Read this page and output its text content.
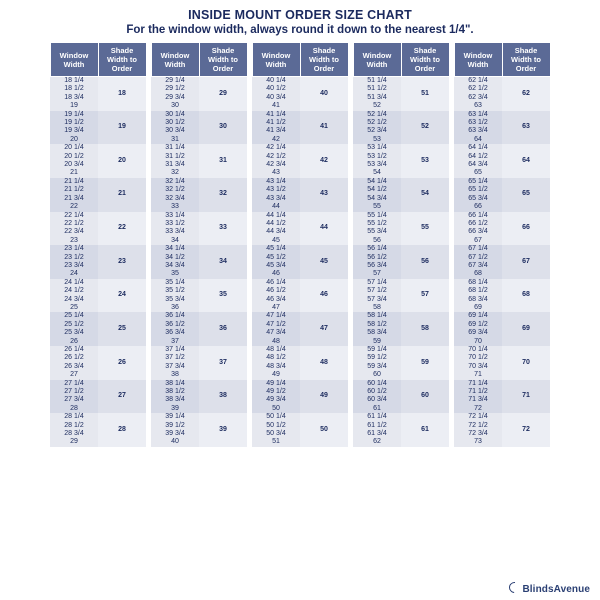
INSIDE MOUNT ORDER SIZE CHART
For the window width, always round it down to the nearest 1/4".
Window Width	Shade Width to Order
18 1/4	18
18 1/2	
18 3/4	
19	
19 1/4	19
19 1/2	
19 3/4	
20	
20 1/4	20
20 1/2	
20 3/4	
21	
21 1/4	21
21 1/2	
21 3/4	
22	
22 1/4	22
22 1/2	
22 3/4	
23	
23 1/4	23
23 1/2	
23 3/4	
24	
24 1/4	24
24 1/2	
24 3/4	
25	
25 1/4	25
25 1/2	
25 3/4	
26	
26 1/4	26
26 1/2	
26 3/4	
27	
27 1/4	27
27 1/2	
27 3/4	
28	
28 1/4	28
28 1/2	
28 3/4	
29	
Window Width	Shade Width to Order
29 1/4	29
29 1/2	
29 3/4	
30	
30 1/4	30
30 1/2	
30 3/4	
31	
31 1/4	31
31 1/2	
31 3/4	
32	
32 1/4	32
32 1/2	
32 3/4	
33	
33 1/4	33
33 1/2	
33 3/4	
34	
34 1/4	34
34 1/2	
34 3/4	
35	
35 1/4	35
35 1/2	
35 3/4	
36	
36 1/4	36
36 1/2	
36 3/4	
37	
37 1/4	37
37 1/2	
37 3/4	
38	
38 1/4	38
38 1/2	
38 3/4	
39	
39 1/4	39
39 1/2	
39 3/4	
40	
Window Width	Shade Width to Order
40 1/4	40
40 1/2	
40 3/4	
41	
41 1/4	41
41 1/2	
41 3/4	
42	
42 1/4	42
42 1/2	
42 3/4	
43	
43 1/4	43
43 1/2	
43 3/4	
44	
44 1/4	44
44 1/2	
44 3/4	
45	
45 1/4	45
45 1/2	
45 3/4	
46	
46 1/4	46
46 1/2	
46 3/4	
47	
47 1/4	47
47 1/2	
47 3/4	
48	
48 1/4	48
48 1/2	
48 3/4	
49	
49 1/4	49
49 1/2	
49 3/4	
50	
50 1/4	50
50 1/2	
50 3/4	
51	
Window Width	Shade Width to Order
51 1/4	51
51 1/2	
51 3/4	
52	
52 1/4	52
52 1/2	
52 3/4	
53	
53 1/4	53
53 1/2	
53 3/4	
54	
54 1/4	54
54 1/2	
54 3/4	
55	
55 1/4	55
55 1/2	
55 3/4	
56	
56 1/4	56
56 1/2	
56 3/4	
57	
57 1/4	57
57 1/2	
57 3/4	
58	
58 1/4	58
58 1/2	
58 3/4	
59	
59 1/4	59
59 1/2	
59 3/4	
60	
60 1/4	60
60 1/2	
60 3/4	
61	
61 1/4	61
61 1/2	
61 3/4	
62	
Window Width	Shade Width to Order
62 1/4	62
62 1/2	
62 3/4	
63	
63 1/4	63
63 1/2	
63 3/4	
64	
64 1/4	64
64 1/2	
64 3/4	
65	
65 1/4	65
65 1/2	
65 3/4	
66	
66 1/4	66
66 1/2	
66 3/4	
67	
67 1/4	67
67 1/2	
67 3/4	
68	
68 1/4	68
68 1/2	
68 3/4	
69	
69 1/4	69
69 1/2	
69 3/4	
70	
70 1/4	70
70 1/2	
70 3/4	
71	
71 1/4	71
71 1/2	
71 3/4	
72	
72 1/4	72
72 1/2	
72 3/4	
73	
BlindsAvenue
